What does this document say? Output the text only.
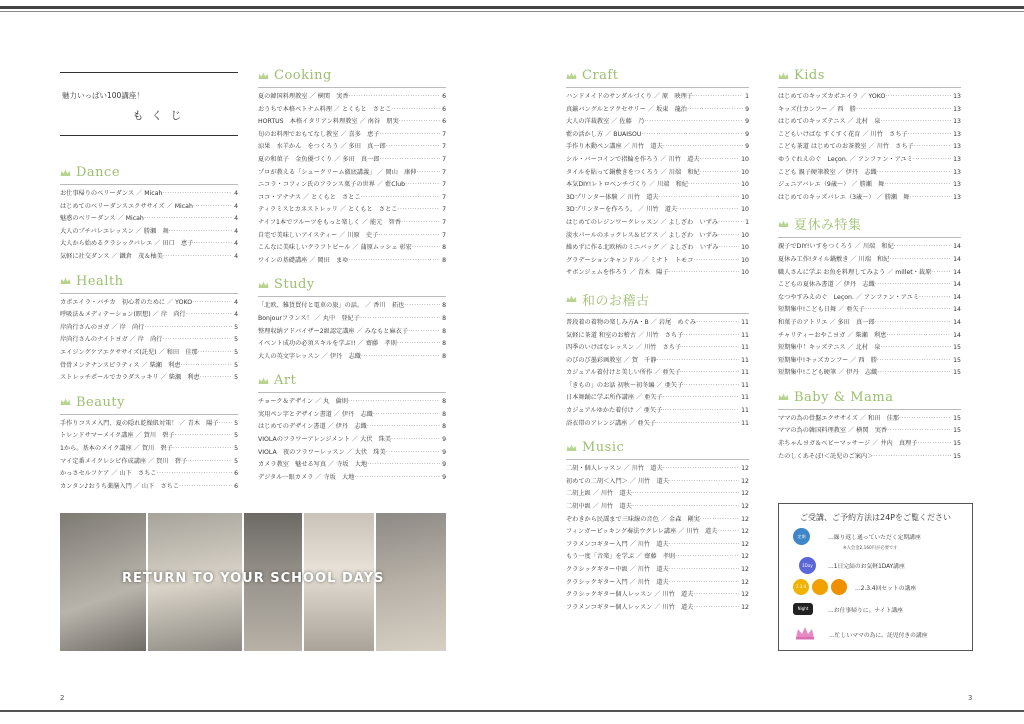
2	3
魅力いっぱい100講座！
もくじ
Dance
お仕事帰りのベリーダンス ／ Micah ·····	4
はじめてのベリーダンスエクササイズ ／ Micah ·····	4
魅惑のベリーダンス ／ Micah ·····	4
大人のプチバレエレッスン ／ 勝瀬　舞 ·····	4
大人から始めるクラシックバレエ ／ 田口　恵子 ·····	4
気軽に社交ダンス ／ 鐵倉　茂＆柚美 ·····	4
Health
カポエイラ・バチカ　初心者のために ／ YOKO ·····	4
呼吸法＆メディテーション(瞑想) ／ 岸　尚行 ·····	4
岸尚行さんのヨガ ／ 岸　尚行 ·····	5
岸尚行さんのナイトヨガ ／ 岸　尚行 ·····	5
エイジングケアエクササイズ(託児) ／ 和田　佳那 ·····	5
骨骨メンテナンスピラティス ／ 柴瀬　利恵 ·····	5
ストレッチポールでカラダスッキリ ／ 柴瀬　利恵 ·····	5
Beauty
手作りコスメ入門、夏の隠れ乾燥肌対策！ ／ 青木　陽子 ·····	5
トレンドサマーメイク講座 ／ 賀川　碧子 ·····	5
1から。基本のメイク講座 ／ 賀川　碧子 ·····	5
マイ定番メイクレシピ作成講座 ／ 賀川　碧子 ·····	5
かっさセルフケア ／ 山下　さちこ ·····	6
カンタン♪おうち薬膳入門 ／ 山下　さちこ ·····	6
Cooking
夏の韓国料理教室 ／ 横関　実香 ·····	6
おうちで本格ベトナム料理 ／ とくもと　さとこ ·····	6
HORTUS　本格イタリアン料理教室 ／ 南谷　朋実 ·····	6
旬のお料理でおもてなし教室 ／ 喜多　恵子 ·····	7
涼果　水羊かん　をつくろう ／ 多田　真一郎 ·····	7
夏の和菓子　金魚優づくり ／ 多田　真一郎 ·····	7
プロが教える「シュークリーム徹底講義」 ／ 岡山　康伸 ·····	7
ニコラ・コフィン氏のフランス菓子の世界 ／ 藍Club ·····	7
ココ・アナナス ／ とくもと　さとこ ·····	7
ティラミスとカネストレッリ ／ とくもと　さとこ ·····	7
ナイフ1本でフルーツをもっと楽しく ／ 能元　智香 ·····	7
自宅で美味しいアイスティー ／ 川原　史子 ·····	7
こんなに美味しいクラフトビール ／ 蒲原ムッシュ 彰宏 ·····	8
ワインの基礎講座 ／ 岡田　まゆ ·····	8
Study
「北欧、雑貨買付と電車の旅」の話。 ／ 香川　拓也 ·····	8
Bonjourフランス！ ／ 丸中　登紀子 ·····	8
整理収納アドバイザー2級認定講座 ／ みなもと麻衣子 ·····	8
イベント成功の必須スキルを学ぶ!! ／ 齋藤　孝則 ·····	8
大人の英文字レッスン ／ 伊丹　志織 ·····	8
Art
チョーク＆デザイン ／ 丸　倫則 ·····	8
実用ペン字とデザイン書道 ／ 伊丹　志織 ·····	8
はじめてのデザイン書道 ／ 伊丹　志織 ·····	8
VIOLAのフラワーアレンジメント ／ 大伏　珠美 ·····	9
VIOLA　夜のフラワーレッスン ／ 大伏　珠美 ·····	9
カメラ教室　魅せる写真 ／ 寺坂　大地 ·····	9
デジタル一眼カメラ ／ 寺坂　大地 ·····	9
Craft
ハンドメイドのサンダルづくり ／ 原　映理子 ·····	1
真鍮バングルとアクセサリー ／ 坂東　龍治 ·····	9
大人の洋裁教室 ／ 佐藤　乃 ·····	9
藍の活かし方 ／ BUAISOU ·····	9
手作り木動ペン講座 ／ 川竹　道夫 ·····	9
シル・バーコインで指輪を作ろう ／ 川竹　道夫 ·····	10
タイルを貼って鍋敷きをつくろう ／ 川端　和紀 ·····	10
本気DIY!レトロベンチづくり ／ 川端　和紀 ·····	10
3Dプリンター体験 ／ 川竹　道夫 ·····	10
3Dプリンターを作ろう。 ／ 川竹　道夫 ·····	10
はじめてのレジンワークレッスン ／ よしざわ　いずみ ·····	1
淡水パールのネックレス＆ピアス ／ よしざわ　いずみ ·····	10
繰めずに作る北欧柄のミニバッグ ／ よしざわ　いずみ ·····	10
グラデーションキャンドル ／ ミナト　トモコ ·····	10
サボンジェムを作ろう ／ 青木　陽子 ·····	10
和のお稽古
普段着の着物の楽しみ方A・B ／ 岩尾　めぐみ ·····	11
気軽に茶道 和室のお稽古 ／ 川竹　さち子 ·····	11
四季のいけばなレッスン ／ 川竹　さち子 ·····	11
のびのび墨彩画教室 ／ 賀　千静 ·····	11
カジュアル着付けと美しい所作 ／ 亜矢子 ·····	11
「きもの」のお話 初秋〜初冬編 ／ 亜矢子 ·····	11
日本舞踊に学ぶ所作講座 ／ 亜矢子 ·····	11
カジュアルゆかた着付け ／ 亜矢子 ·····	11
浴衣帯のアレンジ講座 ／ 亜矢子 ·····	11
Music
二胡・個人レッスン ／ 川竹　道夫 ·····	12
初めての二胡＜入門＞ ／ 川竹　道夫 ·····	12
二胡上級 ／ 川竹　道夫 ·····	12
二胡中級 ／ 川竹　道夫 ·····	12
ぞわきから民謡まで三味線の音色 ／ 金森　剛実 ·····	12
フィンガーピッキング奏法ウクレレ講座 ／ 川竹　道夫 ·····	12
フラメンコギター入門 ／ 川竹　道夫 ·····	12
もう一度「音楽」を学ぶ ／ 齋藤　孝則 ·····	12
クラシックギター中級 ／ 川竹　道夫 ·····	12
クラシックギター入門 ／ 川竹　道夫 ·····	12
クラシックギター個人レッスン ／ 川竹　道夫 ·····	12
フラメンコギター個人レッスン ／ 川竹　道夫 ·····	12
Kids
はじめてのキッズカポエイラ ／ YOKO ·····	13
キッズ仕カンフー ／ 西　勝 ·····	13
はじめてのキッズテニス ／ 北村　泉 ·····	13
こどもいけばな すくすく花育 ／ 川竹　さち子 ·····	13
こども茶道 はじめてのお茶教室 ／ 川竹　さち子 ·····	13
ゆうぐれえのぐ　Leçon. ／ アンファン・アユミ ·····	13
こども 親子硬筆教室 ／ 伊丹　志織 ·····	13
ジュニアバレエ（9歳〜） ／ 勝瀬　舞 ·····	13
はじめてのキッズバレエ（3歳〜） ／ 勝瀬　舞 ·····	13
夏休み特集
親子でDIY!いすをつくろう ／ 川端　和紀 ·····	14
夏休み工作!タイル鍋敷き ／ 川端　和紀 ·····	14
職人さんに学ぶ お魚を料理してみよう ／ millet・裁原 ·····	14
こどもの夏休み書道 ／ 伊丹　志織 ·····	14
なつやすみえのぐ　Leçon. ／ アンファン・アユミ ·····	14
短期集中!こども日舞 ／ 亜矢子 ·····	14
和菓子のアトリエ ／ 多田　真一郎 ·····	14
チャリティーおやこヨガ ／ 柴瀬　利恵 ·····	14
短期集中！キッズテニス ／ 北村　泉 ·····	15
短期集中!キッズカンフー ／ 西　勝 ·····	15
短期集中!こども硬筆 ／ 伊丹　志織 ·····	15
Baby & Mama
ママの為の骨盤エクササイズ ／ 和田　佳那 ·····	15
ママの為の韓国料理教室 ／ 横関　実香 ·····	15
赤ちゃんヨガ＆ベビーマッサージ ／ 井内　真理子 ·····	15
たのしくあそぼ!＜託児のご案内＞ ·····	15
RETURN TO YOUR SCHOOL DAYS
ご受講、ご予約方法は24Pをご覧ください
定期	…繰り返し通っていただく定期講座
※入会金2,160円が必要です
1Day	…1日完結のお気軽1DAY講座
2.3.4	…2.3.4回セットの講座
Night	…お仕事帰りに。ナイト講座
…忙しいママの為に。託児付きの講座
